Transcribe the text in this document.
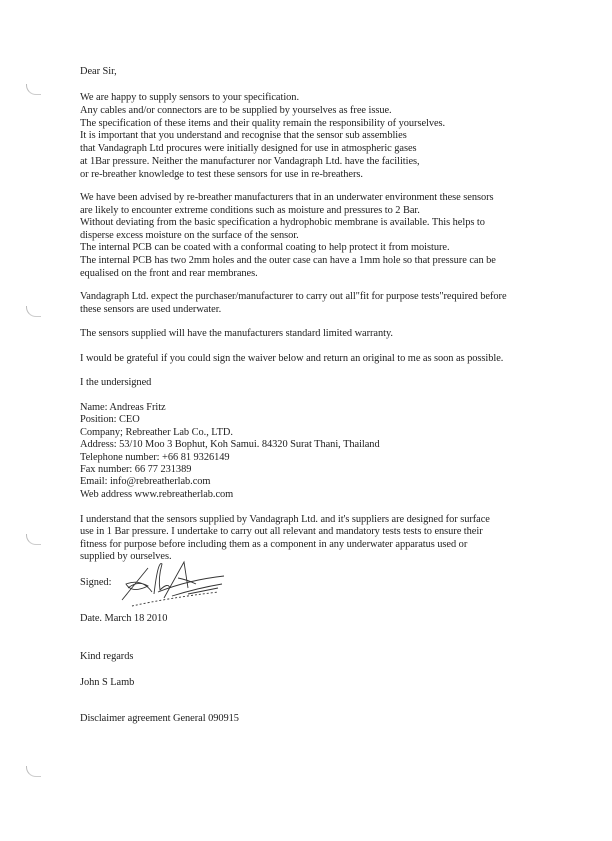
Dear Sir,
We are happy to supply sensors to your specification.
Any cables and/or connectors are to be supplied by yourselves as free issue.
The specification of these items and their quality remain the responsibility of yourselves.
It is important that you understand and recognise that the sensor sub assemblies
that Vandagraph Ltd procures were initially designed for use in atmospheric gases
at 1Bar pressure. Neither the manufacturer nor Vandagraph Ltd. have the facilities,
or re-breather knowledge to test these sensors for use in re-breathers.
We have been advised by re-breather manufacturers that in an underwater environment these sensors
are likely to encounter extreme conditions such as moisture and pressures to 2 Bar.
Without deviating from the basic specification a hydrophobic membrane is available. This helps to
disperse excess moisture on the surface of the sensor.
The internal PCB can be coated with a conformal coating to help protect it from moisture.
The internal PCB has two 2mm holes and the outer case can have a 1mm hole so that pressure can be
equalised on the front and rear membranes.
Vandagraph Ltd. expect the purchaser/manufacturer to carry out all"fit for purpose tests"required before
these sensors are used underwater.
The sensors supplied will have the manufacturers standard limited warranty.
I would be grateful if you could sign the waiver below and return an original to me as soon as possible.
I the undersigned
Name: Andreas Fritz
Position: CEO
Company; Rebreather Lab Co., LTD.
Address: 53/10 Moo 3 Bophut, Koh Samui. 84320 Surat Thani, Thailand
Telephone number: +66 81 9326149
Fax number: 66 77 231389
Email: info@rebreatherlab.com
Web address www.rebreatherlab.com
I understand that the sensors supplied by Vandagraph Ltd. and it's suppliers are designed for surface
use in 1 Bar pressure. I undertake to carry out all relevant and mandatory tests tests to ensure their
fitness for purpose before including them as a component in any underwater apparatus used or
supplied by ourselves.
Signed:
Date. March 18 2010
Kind regards
John S Lamb
Disclaimer agreement General 090915
